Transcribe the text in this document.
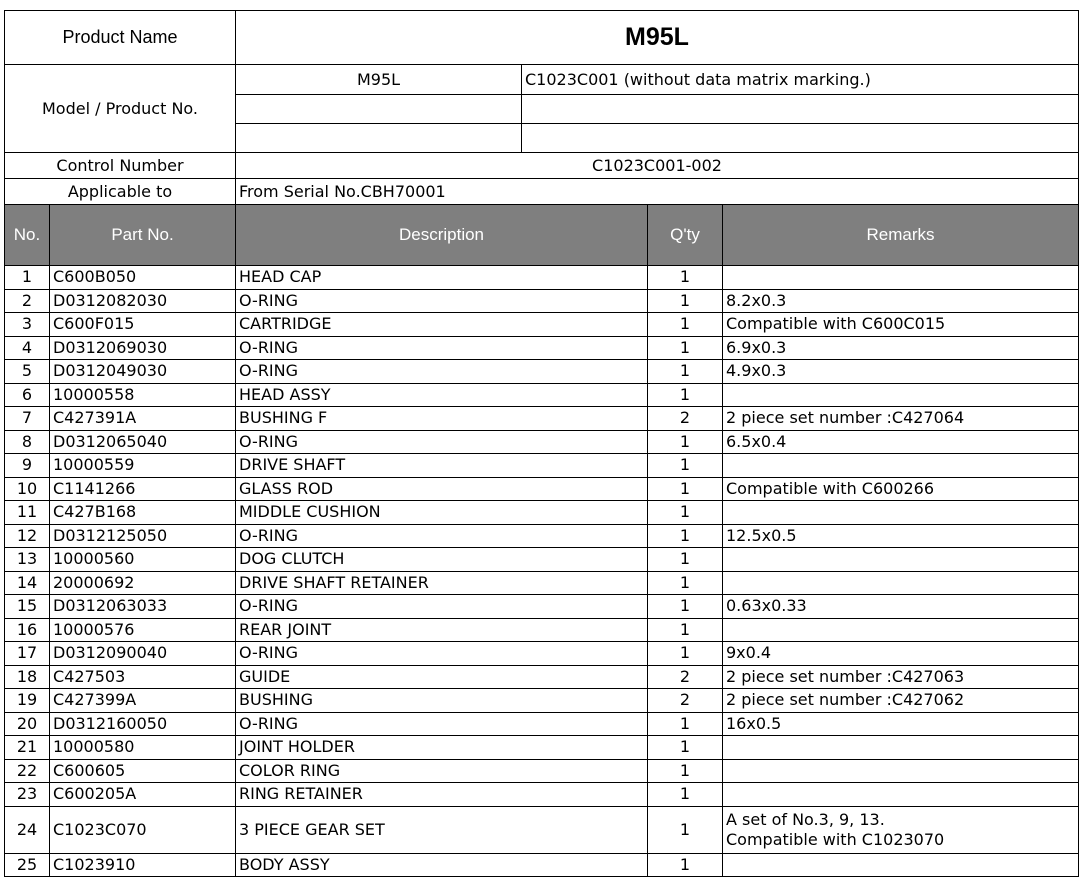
Product Name	M95L	
Model / Product No.	M95L	C1023C001 (without data matrix marking.)

Control Number	C1023C001-002	
Applicable to	From Serial No.CBH70001	
No.	Part No.	Description	Q'ty	Remarks
1	C600B050	HEAD CAP	1	
2	D0312082030	O-RING	1	8.2x0.3
3	C600F015	CARTRIDGE	1	Compatible with C600C015
4	D0312069030	O-RING	1	6.9x0.3
5	D0312049030	O-RING	1	4.9x0.3
6	10000558	HEAD ASSY	1	
7	C427391A	BUSHING F	2	2 piece set number :C427064
8	D0312065040	O-RING	1	6.5x0.4
9	10000559	DRIVE SHAFT	1	
10	C1141266	GLASS ROD	1	Compatible with C600266
11	C427B168	MIDDLE CUSHION	1	
12	D0312125050	O-RING	1	12.5x0.5
13	10000560	DOG CLUTCH	1	
14	20000692	DRIVE SHAFT RETAINER	1	
15	D0312063033	O-RING	1	0.63x0.33
16	10000576	REAR JOINT	1	
17	D0312090040	O-RING	1	9x0.4
18	C427503	GUIDE	2	2 piece set number :C427063
19	C427399A	BUSHING	2	2 piece set number :C427062
20	D0312160050	O-RING	1	16x0.5
21	10000580	JOINT HOLDER	1	
22	C600605	COLOR RING	1	
23	C600205A	RING RETAINER	1	
24	C1023C070	3 PIECE GEAR SET	1	A set of No.3, 9, 13.
Compatible with C1023070
25	C1023910	BODY ASSY	1	
